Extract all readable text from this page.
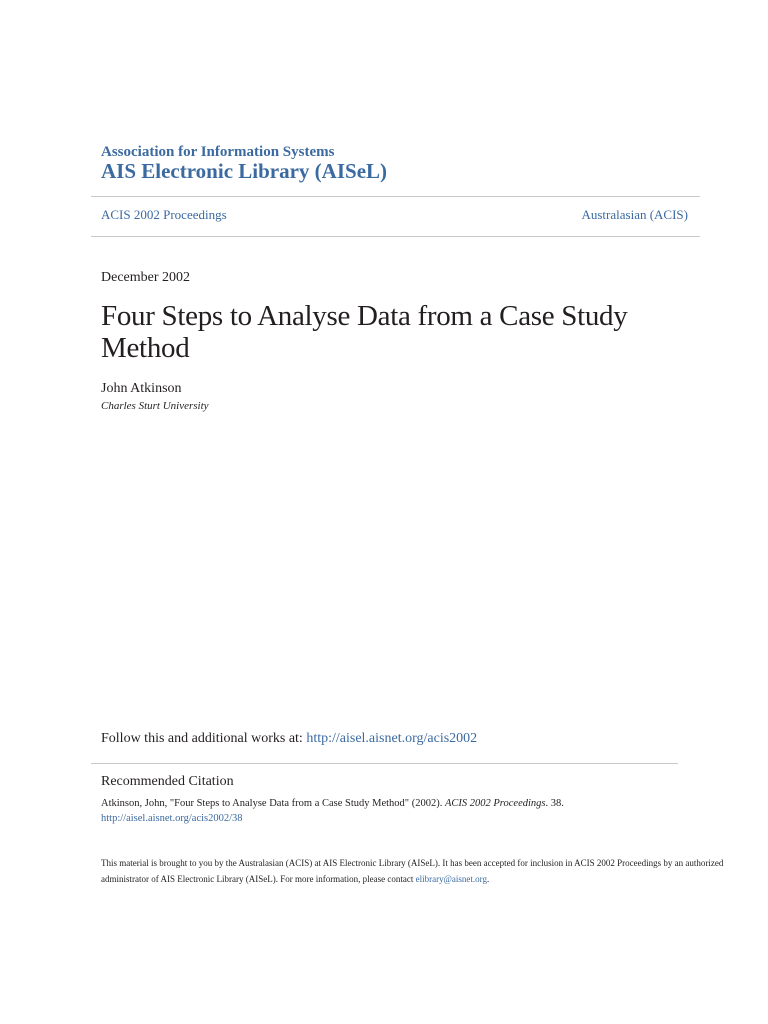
Association for Information Systems
AIS Electronic Library (AISeL)
ACIS 2002 Proceedings	Australasian (ACIS)
December 2002
Four Steps to Analyse Data from a Case Study Method
John Atkinson
Charles Sturt University
Follow this and additional works at: http://aisel.aisnet.org/acis2002
Recommended Citation
Atkinson, John, "Four Steps to Analyse Data from a Case Study Method" (2002). ACIS 2002 Proceedings. 38.
http://aisel.aisnet.org/acis2002/38
This material is brought to you by the Australasian (ACIS) at AIS Electronic Library (AISeL). It has been accepted for inclusion in ACIS 2002 Proceedings by an authorized administrator of AIS Electronic Library (AISeL). For more information, please contact elibrary@aisnet.org.
